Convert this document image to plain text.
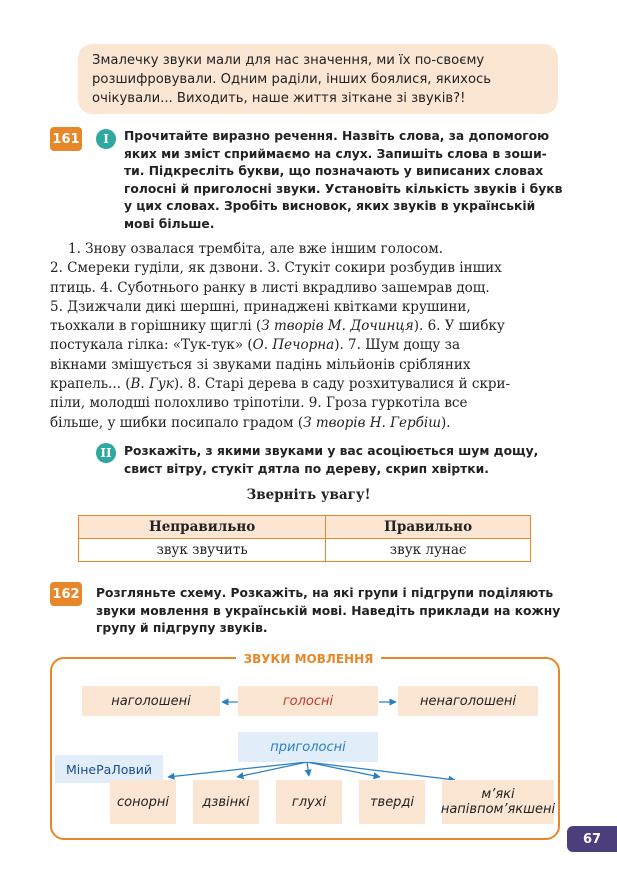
Змалечку звуки мали для нас значення, ми їх по-своєму
розшифровували. Одним раділи, інших боялися, якихось
очікували... Виходить, наше життя зіткане зі звуків?!
161	I	Прочитайте виразно речення. Назвіть слова, за допомогою
яких ми зміст сприймаємо на слух. Запишіть слова в зоши-
ти. Підкресліть букви, що позначають у виписаних словах
голосні й приголосні звуки. Установіть кількість звуків і букв
у цих словах. Зробіть висновок, яких звуків в українській
мові більше.
1. Знову озвалася трембіта, але вже іншим голосом.
2. Смереки гуділи, як дзвони. 3. Стукіт сокири розбудив інших
птиць. 4. Суботнього ранку в листі вкрадливо зашемрав дощ.
5. Дзижчали дикі шершні, принаджені квітками крушини,
тьохкали в горішнику щиглі (З творів М. Дочинця). 6. У шибку
постукала гілка: «Тук-тук» (О. Печорна). 7. Шум дощу за
вікнами змішується зі звуками падінь мільйонів срібляних
крапель... (В. Гук). 8. Старі дерева в саду розхитувалися й скри-
піли, молодші полохливо тріпотіли. 9. Гроза гуркотіла все
більше, у шибки посипало градом (З творів Н. Гербіш).
II	Розкажіть, з якими звуками у вас асоціюється шум дощу,
свист вітру, стукіт дятла по дереву, скрип хвіртки.
Зверніть увагу!
Неправильно	Правильно
звук звучить	звук лунає
162 Розгляньте схему. Розкажіть, на які групи і підгрупи поділяють
звуки мовлення в українській мові. Наведіть приклади на кожну
групу й підгрупу звуків.
ЗВУКИ МОВЛЕННЯ
наголошені	голосні	ненаголошені
приголосні
МінеРаЛовий
сонорні	дзвінкі	глухі	тверді	м’які напівпом’якшені
67
